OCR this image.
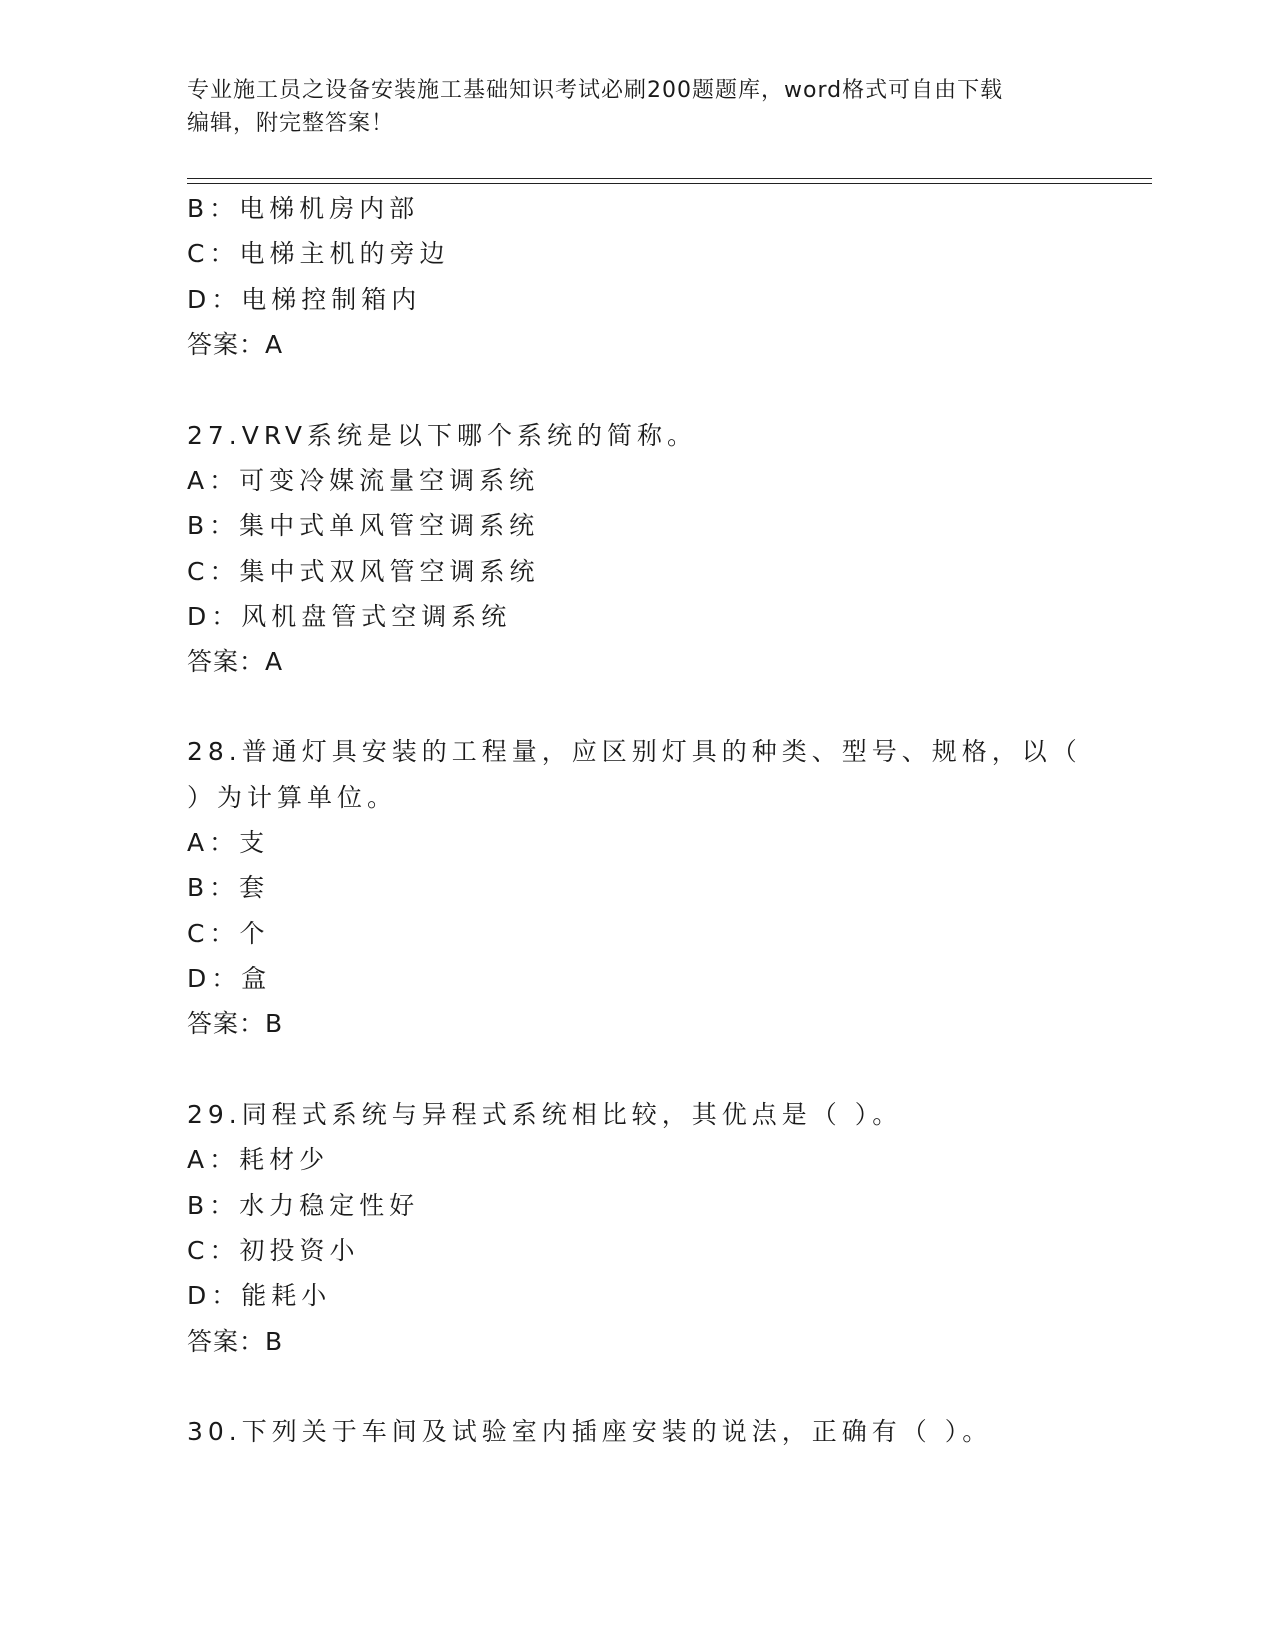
专业施工员之设备安装施工基础知识考试必刷200题题库，word格式可自由下载
编辑，附完整答案！
B：电梯机房内部
C：电梯主机的旁边
D：电梯控制箱内
答案：A
27.VRV系统是以下哪个系统的简称。
A：可变冷媒流量空调系统
B：集中式单风管空调系统
C：集中式双风管空调系统
D：风机盘管式空调系统
答案：A
28.普通灯具安装的工程量，应区别灯具的种类、型号、规格，以（
）为计算单位。
A：支
B：套
C：个
D：盒
答案：B
29.同程式系统与异程式系统相比较，其优点是（ ）。
A：耗材少
B：水力稳定性好
C：初投资小
D：能耗小
答案：B
30.下列关于车间及试验室内插座安装的说法，正确有（ ）。
